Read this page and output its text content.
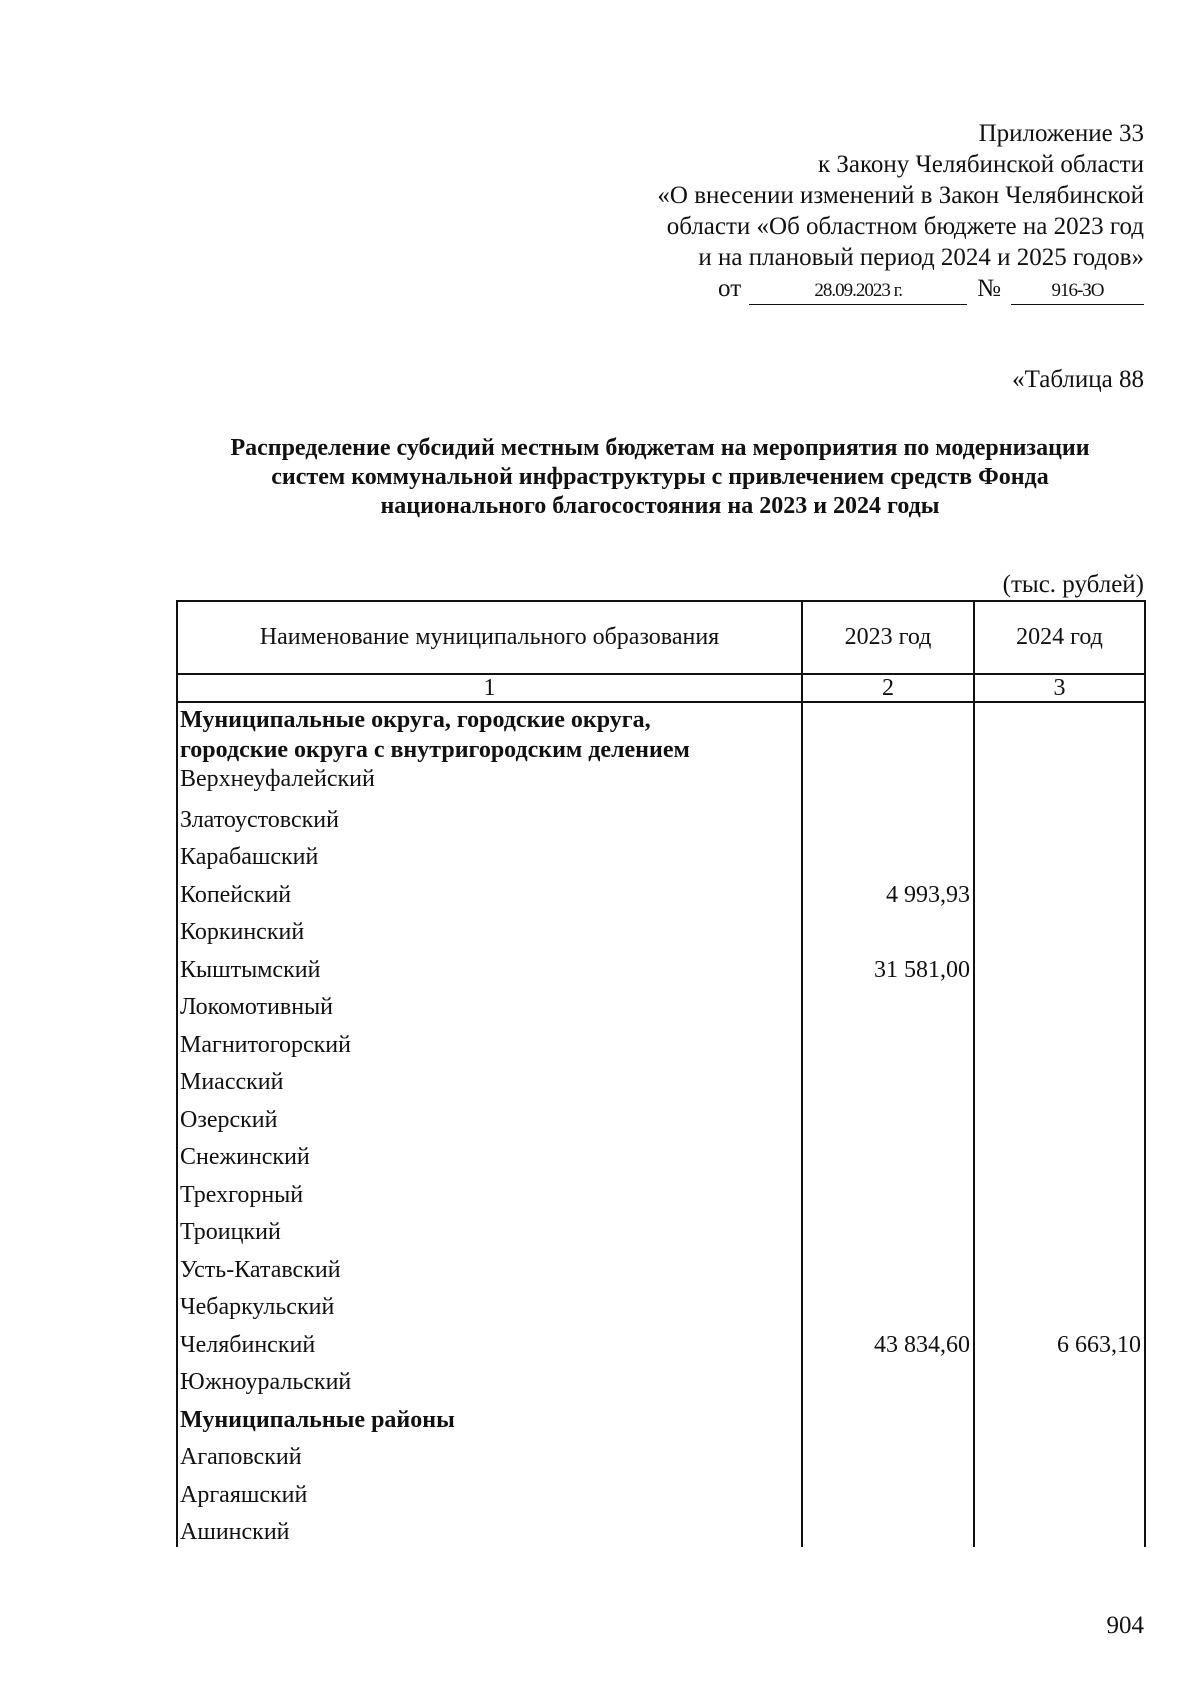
Приложение 33
к Закону Челябинской области
«О внесении изменений в Закон Челябинской
области «Об областном бюджете на 2023 год
и на плановый период 2024 и 2025 годов»
от	28.09.2023 г.	№	916-ЗО
«Таблица 88
Распределение субсидий местным бюджетам на мероприятия по модернизации
систем коммунальной инфраструктуры с привлечением средств Фонда
национального благосостояния на 2023 и 2024 годы
(тыс. рублей)
Наименование муниципального образования	2023 год	2024 год
1	2	3
Муниципальные округа, городские округа,
городские округа с внутригородским делением		
Верхнеуфалейский		
Златоустовский		
Карабашский		
Копейский	4 993,93	
Коркинский		
Кыштымский	31 581,00	
Локомотивный		
Магнитогорский		
Миасский		
Озерский		
Снежинский		
Трехгорный		
Троицкий		
Усть-Катавский		
Чебаркульский		
Челябинский	43 834,60	6 663,10
Южноуральский		
Муниципальные районы		
Агаповский		
Аргаяшский		
Ашинский		
904
